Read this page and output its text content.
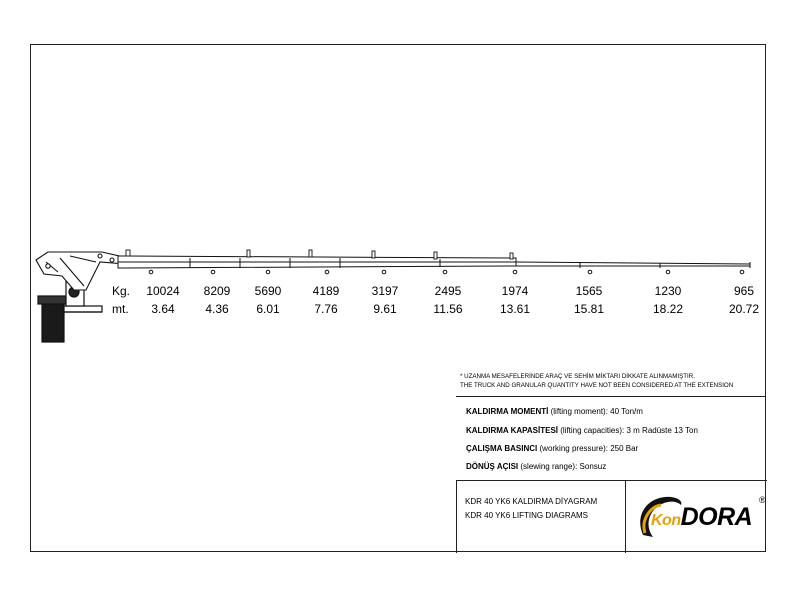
Kg.
mt.
10024
3.64
8209
4.36
5690
6.01
4189
7.76
3197
9.61
2495
11.56
1974
13.61
1565
15.81
1230
18.22
965
20.72
* UZANMA MESAFELERİNDE ARAÇ VE SEHİM MİKTARI DİKKATE ALINMAMIŞTIR.
THE TRUCK AND GRANULAR QUANTITY HAVE NOT BEEN CONSIDERED AT THE EXTENSION
KALDIRMA MOMENTİ (lifting moment): 40 Ton/m
KALDIRMA KAPASİTESİ (lifting capacities): 3 m Radüste 13 Ton
ÇALIŞMA BASINCI (working pressure): 250 Bar
DÖNÜŞ AÇISI (slewing range): Sonsuz
KDR 40 YK6 KALDIRMA DİYAGRAM
KDR 40 YK6 LIFTING DIAGRAMS	KonDORA
®
